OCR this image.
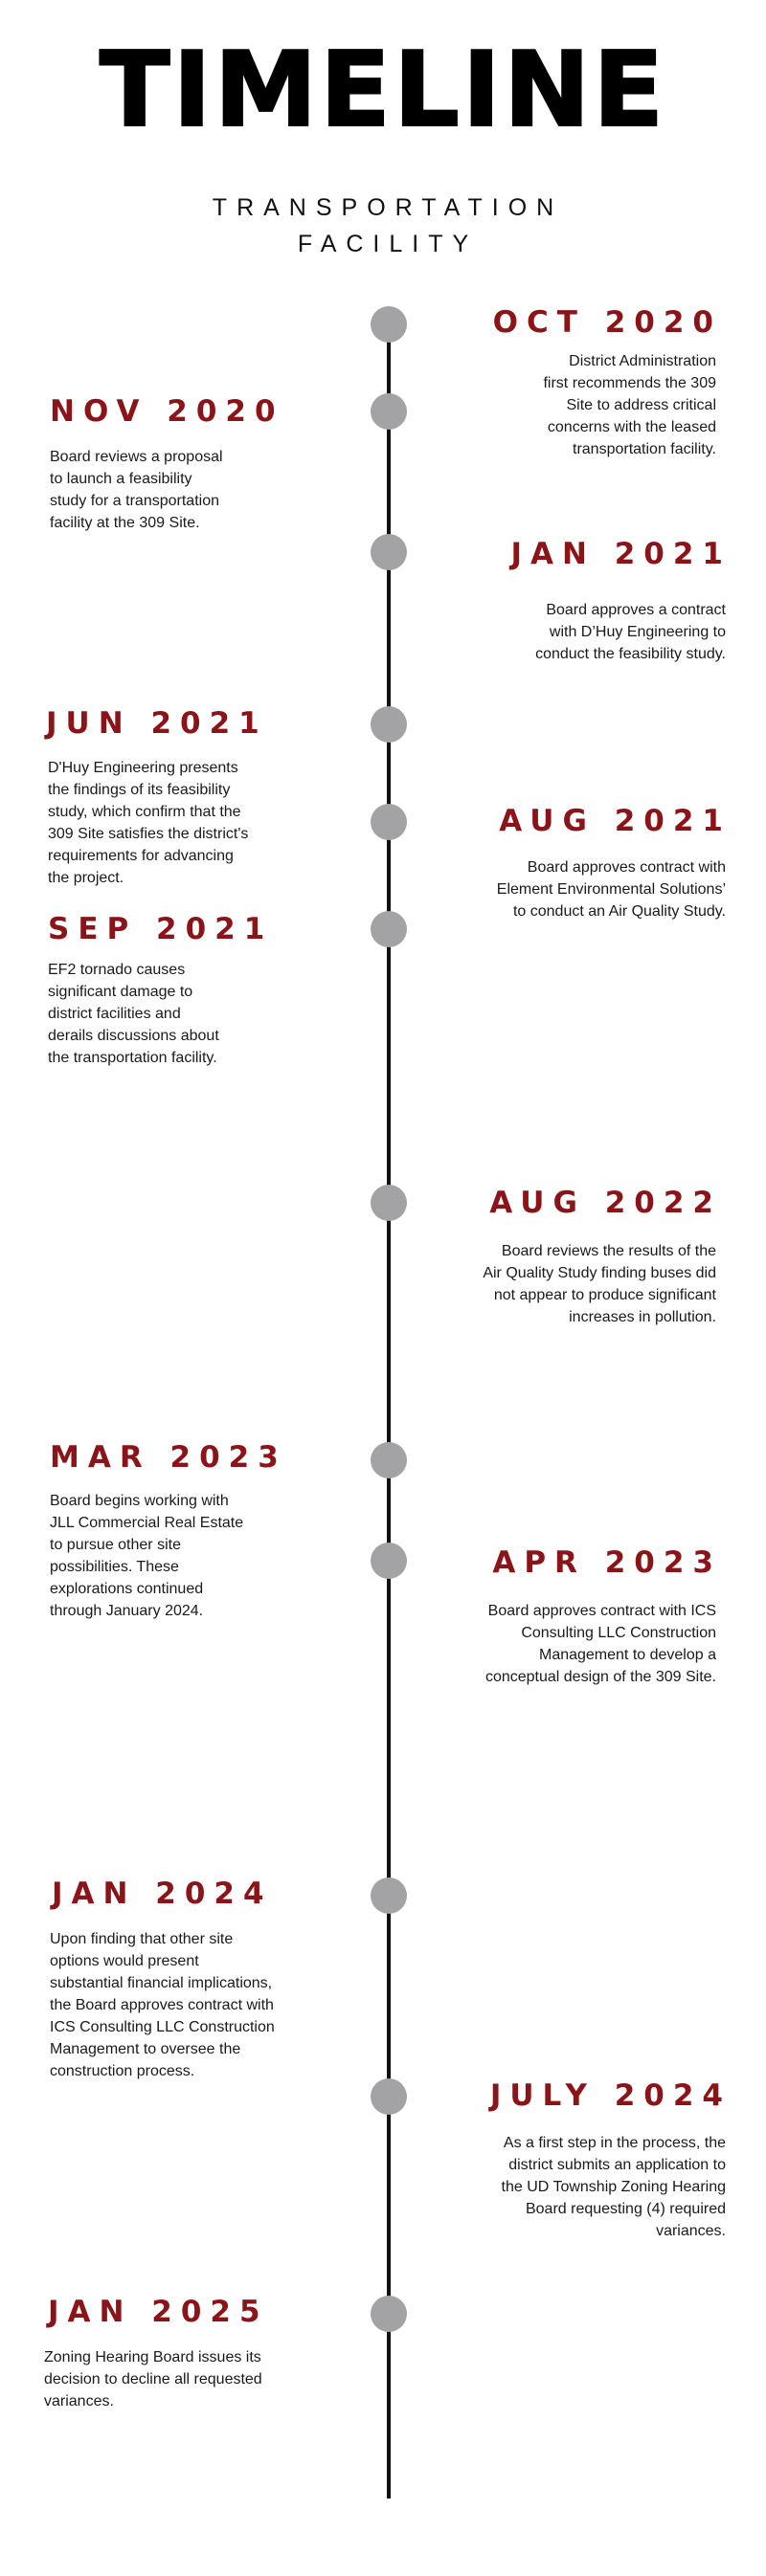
TIMELINE
TRANSPORTATION
FACILITY
OCT 2020
District Administration
first recommends the 309
Site to address critical
concerns with the leased
transportation facility.
NOV 2020
Board reviews a proposal
to launch a feasibility
study for a transportation
facility at the 309 Site.
JAN 2021
Board approves a contract
with D’Huy Engineering to
conduct the feasibility study.
JUN 2021
D'Huy Engineering presents
the findings of its feasibility
study, which confirm that the
309 Site satisfies the district's
requirements for advancing
the project.
AUG 2021
Board approves contract with
Element Environmental Solutions’
to conduct an Air Quality Study.
SEP 2021
EF2 tornado causes
significant damage to
district facilities and
derails discussions about
the transportation facility.
AUG 2022
Board reviews the results of the
Air Quality Study finding buses did
not appear to produce significant
increases in pollution.
MAR 2023
Board begins working with
JLL Commercial Real Estate
to pursue other site
possibilities. These
explorations continued
through January 2024.
APR 2023
Board approves contract with ICS
Consulting LLC Construction
Management to develop a
conceptual design of the 309 Site.
JAN 2024
Upon finding that other site
options would present
substantial financial implications,
the Board approves contract with
ICS Consulting LLC Construction
Management to oversee the
construction process.
JULY 2024
As a first step in the process, the
district submits an application to
the UD Township Zoning Hearing
Board requesting (4) required
variances.
JAN 2025
Zoning Hearing Board issues its
decision to decline all requested
variances.
